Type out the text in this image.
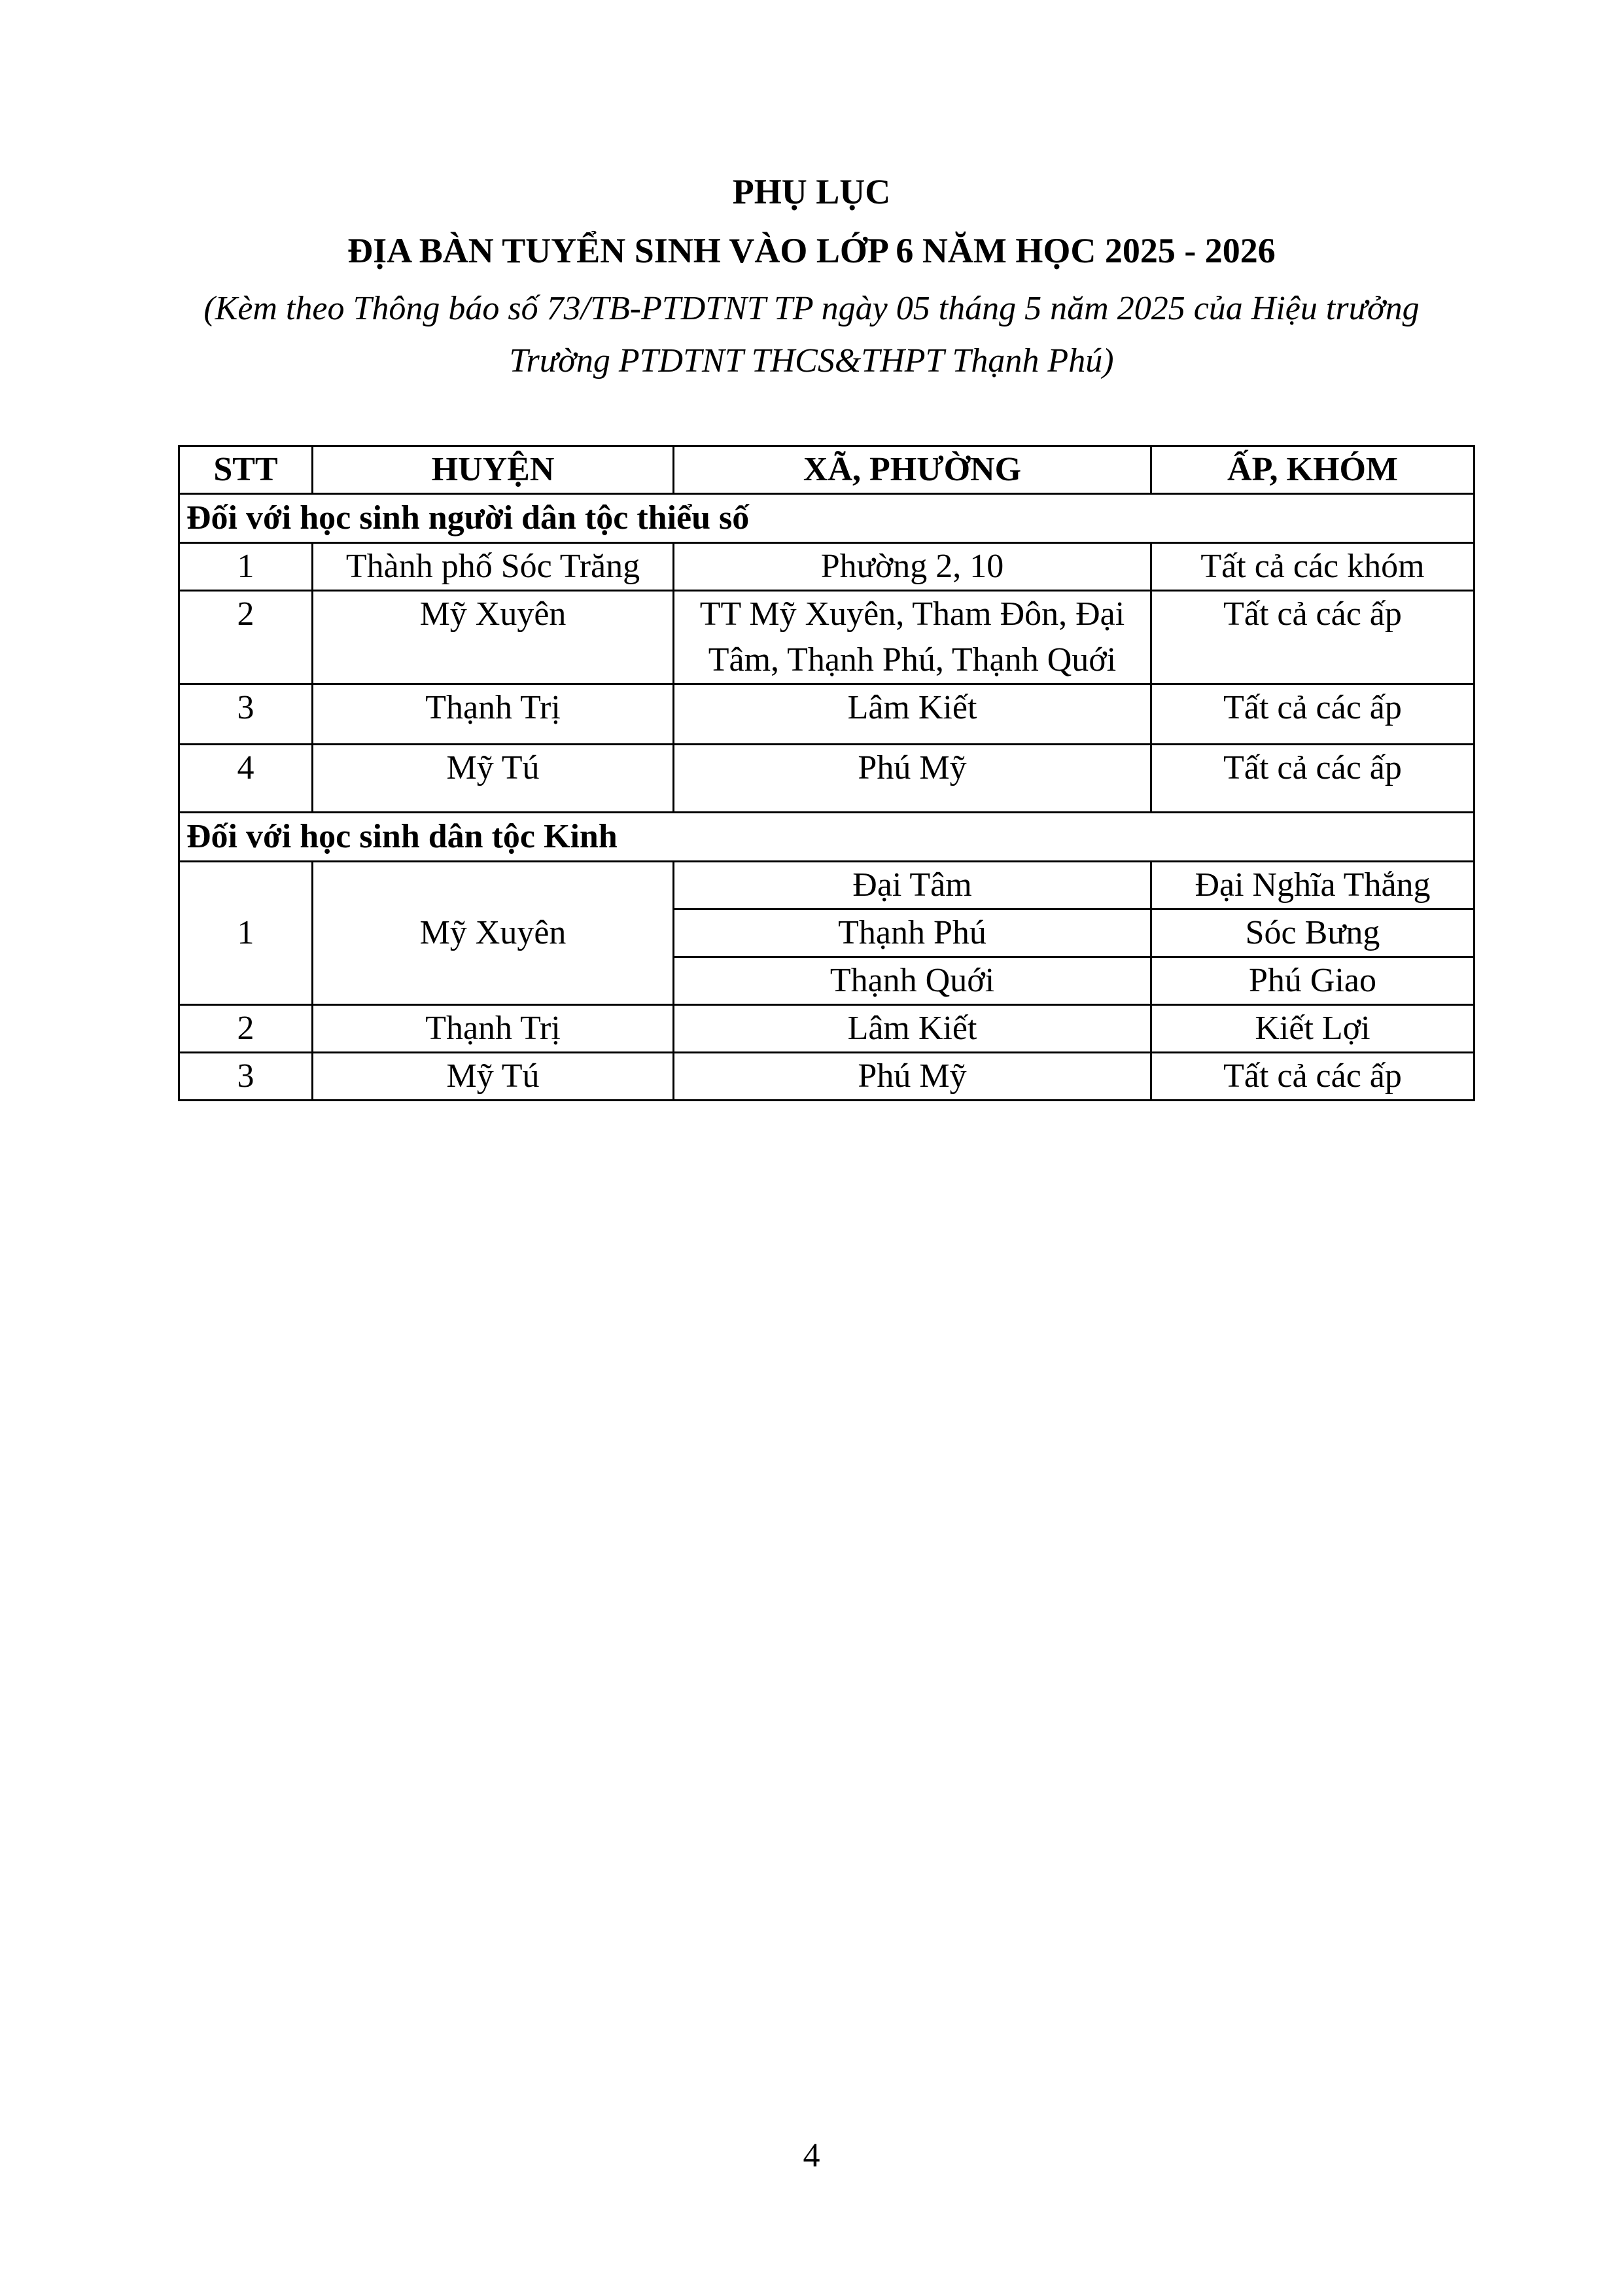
PHỤ LỤC
ĐỊA BÀN TUYỂN SINH VÀO LỚP 6 NĂM HỌC 2025 - 2026
(Kèm theo Thông báo số 73/TB-PTDTNT TP ngày 05 tháng 5 năm 2025 của Hiệu trưởng
Trường PTDTNT THCS&THPT Thạnh Phú)
STT	HUYỆN	XÃ, PHƯỜNG	ẤP, KHÓM
Đối với học sinh người dân tộc thiểu số			
1	Thành phố Sóc Trăng	Phường 2, 10	Tất cả các khóm
2	Mỹ Xuyên	TT Mỹ Xuyên, Tham Đôn, Đại
Tâm, Thạnh Phú, Thạnh Quới	Tất cả các ấp
3	Thạnh Trị	Lâm Kiết	Tất cả các ấp
4	Mỹ Tú	Phú Mỹ	Tất cả các ấp
Đối với học sinh dân tộc Kinh			
1	Mỹ Xuyên	Đại Tâm	Đại Nghĩa Thắng
		Thạnh Phú	Sóc Bưng
		Thạnh Quới	Phú Giao
2	Thạnh Trị	Lâm Kiết	Kiết Lợi
3	Mỹ Tú	Phú Mỹ	Tất cả các ấp
4
